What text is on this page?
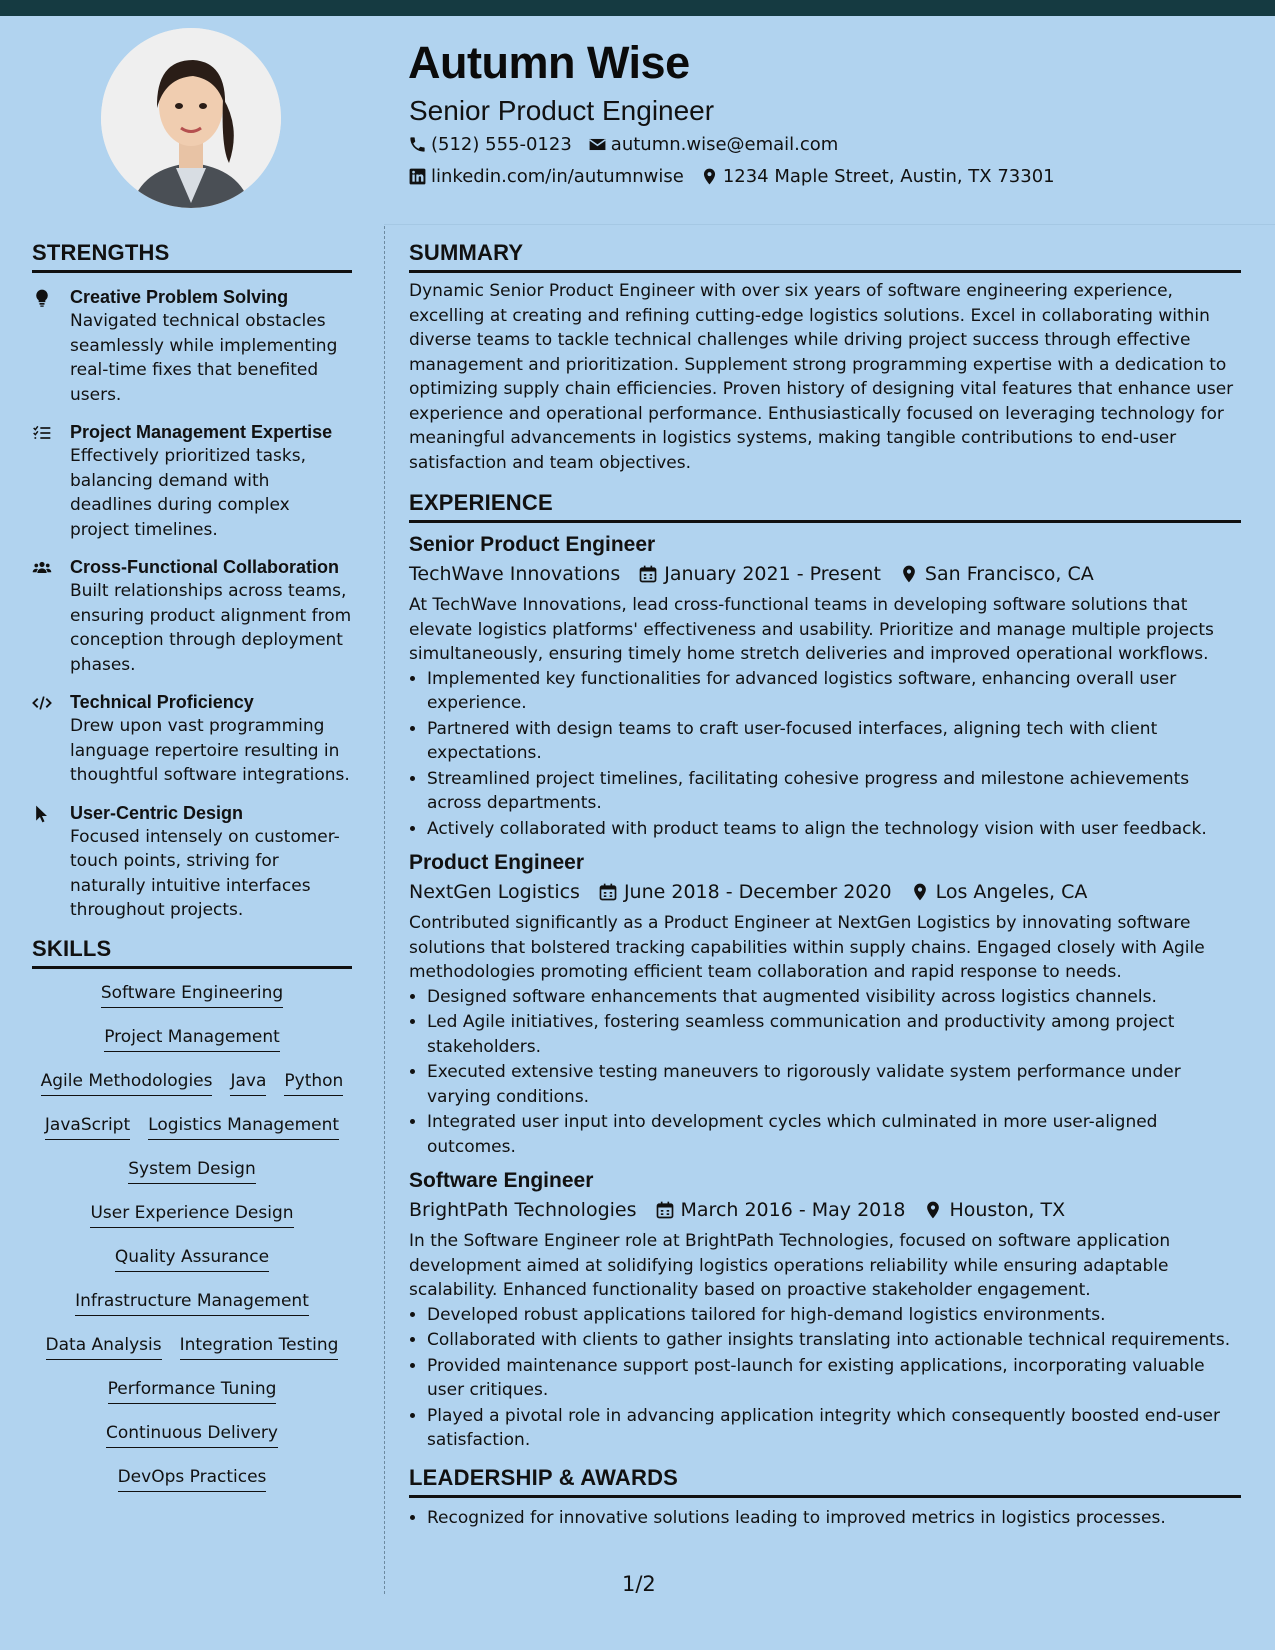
Autumn Wise
Senior Product Engineer
(512) 555-0123 autumn.wise@email.com
linkedin.com/in/autumnwise 1234 Maple Street, Austin, TX 73301
STRENGTHS
Creative Problem Solving
Navigated technical obstacles seamlessly while implementing real-time fixes that benefited users.
Project Management Expertise
Effectively prioritized tasks, balancing demand with deadlines during complex project timelines.
Cross-Functional Collaboration
Built relationships across teams, ensuring product alignment from conception through deployment phases.
Technical Proficiency
Drew upon vast programming language repertoire resulting in thoughtful software integrations.
User-Centric Design
Focused intensely on customer-touch points, striving for naturally intuitive interfaces throughout projects.
SKILLS
Software Engineering
Project Management
Agile Methodologies Java Python
JavaScript Logistics Management
System Design
User Experience Design
Quality Assurance
Infrastructure Management
Data Analysis Integration Testing
Performance Tuning
Continuous Delivery
DevOps Practices
SUMMARY

Dynamic Senior Product Engineer with over six years of software engineering experience, excelling at creating and refining cutting-edge logistics solutions. Excel in collaborating within diverse teams to tackle technical challenges while driving project success through effective management and prioritization. Supplement strong programming expertise with a dedication to optimizing supply chain efficiencies. Proven history of designing vital features that enhance user experience and operational performance. Enthusiastically focused on leveraging technology for meaningful advancements in logistics systems, making tangible contributions to end-user satisfaction and team objectives.

EXPERIENCE
Senior Product Engineer
TechWave Innovations January 2021 - Present San Francisco, CA

At TechWave Innovations, lead cross-functional teams in developing software solutions that elevate logistics platforms' effectiveness and usability. Prioritize and manage multiple projects simultaneously, ensuring timely home stretch deliveries and improved operational workflows.

• Implemented key functionalities for advanced logistics software, enhancing overall user experience.
• Partnered with design teams to craft user-focused interfaces, aligning tech with client expectations.
• Streamlined project timelines, facilitating cohesive progress and milestone achievements across departments.
• Actively collaborated with product teams to align the technology vision with user feedback.
Product Engineer
NextGen Logistics June 2018 - December 2020 Los Angeles, CA

Contributed significantly as a Product Engineer at NextGen Logistics by innovating software solutions that bolstered tracking capabilities within supply chains. Engaged closely with Agile methodologies promoting efficient team collaboration and rapid response to needs.

• Designed software enhancements that augmented visibility across logistics channels.
• Led Agile initiatives, fostering seamless communication and productivity among project stakeholders.
• Executed extensive testing maneuvers to rigorously validate system performance under varying conditions.
• Integrated user input into development cycles which culminated in more user-aligned outcomes.
Software Engineer
BrightPath Technologies March 2016 - May 2018 Houston, TX

In the Software Engineer role at BrightPath Technologies, focused on software application development aimed at solidifying logistics operations reliability while ensuring adaptable scalability. Enhanced functionality based on proactive stakeholder engagement.

• Developed robust applications tailored for high-demand logistics environments.
• Collaborated with clients to gather insights translating into actionable technical requirements.
• Provided maintenance support post-launch for existing applications, incorporating valuable user critiques.
• Played a pivotal role in advancing application integrity which consequently boosted end-user satisfaction.
LEADERSHIP & AWARDS
• Recognized for innovative solutions leading to improved metrics in logistics processes.
1/2
